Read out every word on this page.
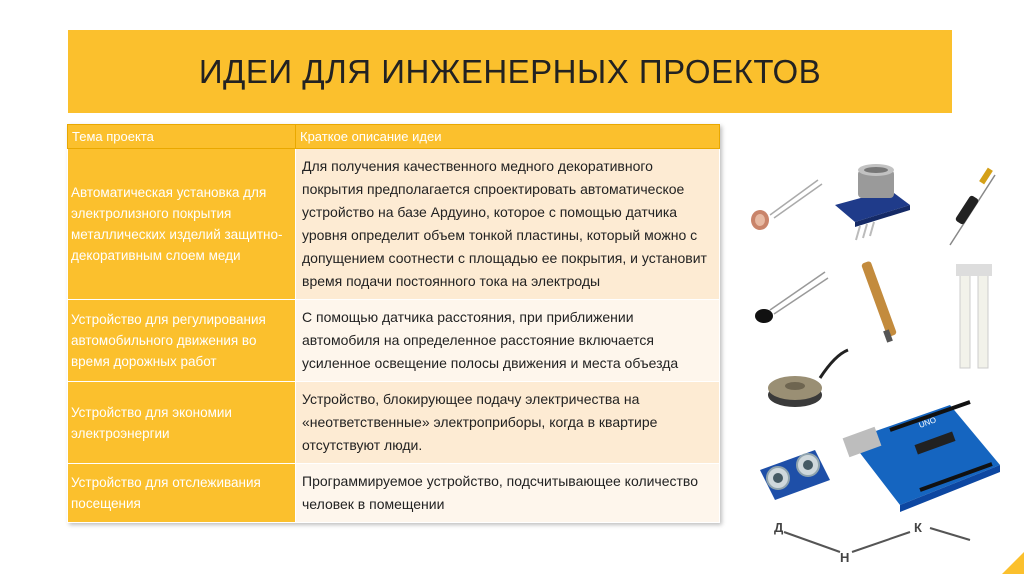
ИДЕИ ДЛЯ ИНЖЕНЕРНЫХ ПРОЕКТОВ
Тема проекта	Краткое описание идеи
Автоматическая установка для электролизного покрытия металлических изделий защитно-декоративным слоем меди	Для получения качественного медного декоративного покрытия предполагается спроектировать автоматическое устройство на базе Ардуино, которое с помощью датчика уровня определит объем тонкой пластины, который можно с допущением соотнести с площадью ее покрытия, и установит время подачи постоянного тока на электроды
Устройство для регулирования автомобильного движения во время дорожных работ	С помощью датчика расстояния, при приближении автомобиля на определенное расстояние включается усиленное освещение полосы движения и места объезда
Устройство для экономии электроэнергии	Устройство, блокирующее подачу электричества на «неответственные» электроприборы, когда в квартире отсутствуют люди.
Устройство для отслеживания посещения	Программируемое устройство, подсчитывающее количество человек в помещении
UNO
Д
Н
К
